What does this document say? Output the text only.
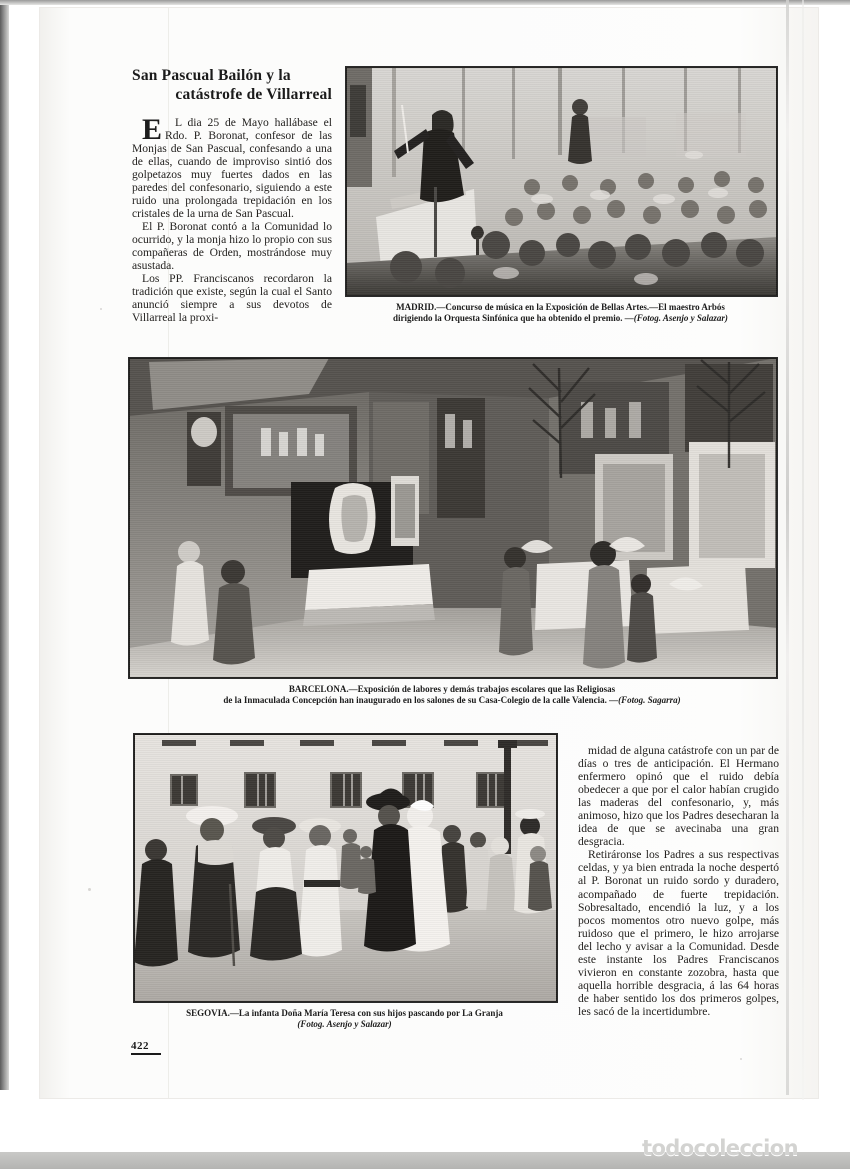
San Pascual Bailón y la
catástrofe de Villarreal

E L dia 25 de Mayo hallábase el Rdo. P. Boronat, confesor de las Monjas de San Pascual, confesando a una de ellas, cuando de improviso sintió dos golpetazos muy fuertes dados en las paredes del confesonario, siguiendo a este ruido una prolongada trepidación en los cristales de la urna de San Pascual.

El P. Boronat contó a la Comunidad lo ocurrido, y la monja hizo lo propio con sus compañeras de Orden, mostrándose muy asustada.

Los PP. Franciscanos recordaron la tradición que existe, según la cual el Santo anunció siempre a sus devotos de Villarreal la proxi-

MADRID.—Concurso de música en la Exposición de Bellas Artes.—El maestro Arbós
dirigiendo la Orquesta Sinfónica que ha obtenido el premio. —(Fotog. Asenjo y Salazar)
BARCELONA.—Exposición de labores y demás trabajos escolares que las Religiosas
de la Inmaculada Concepción han inaugurado en los salones de su Casa-Colegio de la calle Valencia. —(Fotog. Sagarra)
SEGOVIA.—La infanta Doña María Teresa con sus hijos pascando por La Granja
(Fotog. Asenjo y Salazar)

midad de alguna catástrofe con un par de días o tres de anticipación. El Hermano enfermero opinó que el ruido debía obedecer a que por el calor habían crugido las maderas del confesonario, y, más animoso, hizo que los Padres desecharan la idea de que se avecinaba una gran desgracia.

Retiráronse los Padres a sus respectivas celdas, y ya bien entrada la noche despertó al P. Boronat un ruido sordo y duradero, acompañado de fuerte trepidación. Sobresaltado, encendió la luz, y a los pocos momentos otro nuevo golpe, más ruidoso que el primero, le hizo arrojarse del lecho y avisar a la Comunidad. Desde este instante los Padres Franciscanos vivieron en constante zozobra, hasta que aquella horrible desgracia, á las 64 horas de haber sentido los dos primeros golpes, les sacó de la incertidumbre.

422
todocoleccion
